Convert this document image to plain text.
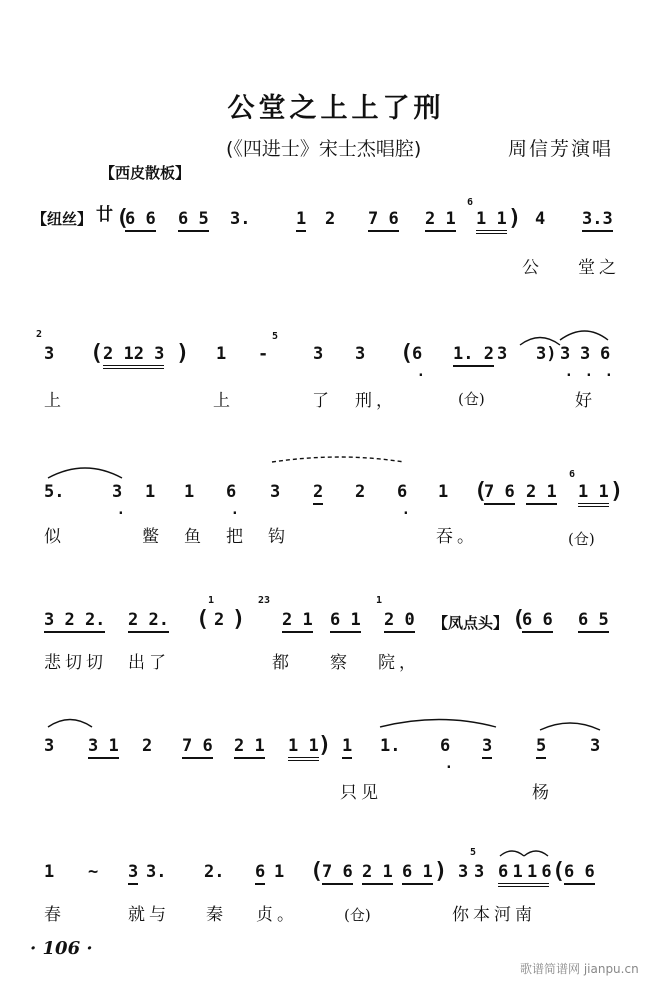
公堂之上上了刑
(《四进士》宋士杰唱腔)	周信芳演唱
【西皮散板】
【纽丝】 廿 (
6 6 6 5 3.	1 2 7 6 2 1
6
1 1 ) 4 3.3
公 堂之
2
3 ( 2 12 3 ) 1 -
5
3 3 (
6 . 1. 2 3 3) 3 . 3 . 6 .
上	上	了 刑，	(仓)	好
5.	3 . 1 1 6 . 3 2 2 6 . 1 (
7 6 2 1
6
1 1 )
似	鳖 鱼 把 钩	吞。	(仓)
3 2 2. 2 2. (
1
2 )
23
2 1 6 1
1
2 0 【凤点头】 (
6 6 6 5
悲切切 出了	都 察 院，
3 3 1 2 7 6 2 1 1 1 ) 1 1. 6 . 3	5	3
只见	杨
1 ~ 3 3. 2. 6 1 (
7 6 2 1 6 1 ) 3
5
3 6 1 1 6 (
6 6
春	就与 秦 贞。	(仓)	你本河南
· 106 ·
歌谱简谱网 jianpu.cn
